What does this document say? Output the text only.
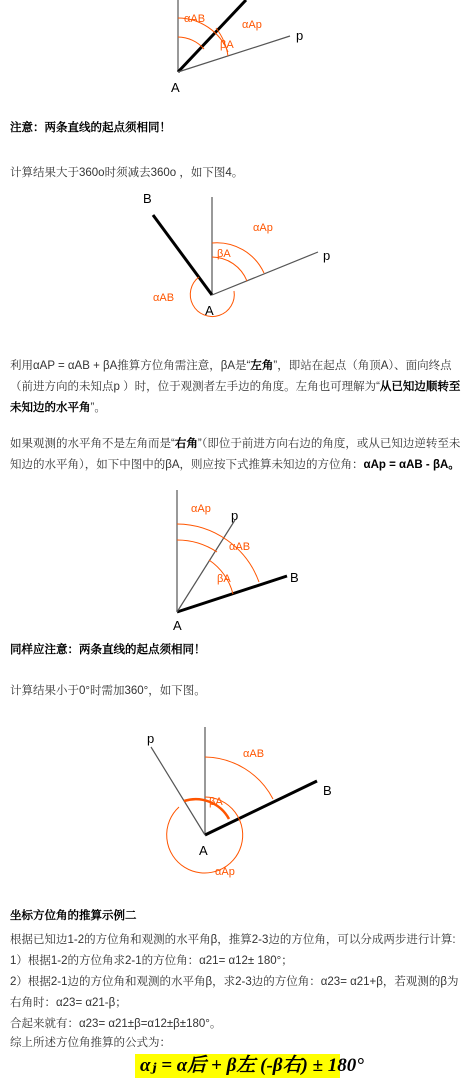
A
p
αAB	αAp
βA

注意：两条直线的起点须相同！

计算结果大于360o时须减去360o ，如下图4。

B
A
p
αAB
αAp
βA

利用αAP = αAB + βA推算方位角需注意，βA是“左角”，即站在起点（角顶A）、面向终点（前进方向的未知点p ）时，位于观测者左手边的角度。左角也可理解为“从已知边顺转至未知边的水平角”。

如果观测的水平角不是左角而是“右角”（即位于前进方向右边的角度，或从已知边逆转至未知边的水平角），如下中图中的βA，则应按下式推算未知边的方位角：αAp = αAB - βA。

A
B
p
αAp
αAB
βA

同样应注意：两条直线的起点须相同！

计算结果小于0°时需加360°，如下图。

p
A
B
αAB
αAp
βA

坐标方位角的推算示例二

根据已知边1-2的方位角和观测的水平角β，推算2-3边的方位角，可以分成两步进行计算:

1）根据1-2的方位角求2-1的方位角：α21= α12± 180°；

2）根据2-1边的方位角和观测的水平角β，求2-3边的方位角：α23= α21+β，若观测的β为右角时：α23= α21-β；

合起来就有：α23= α21±β=α12±β±180°。

综上所述方位角推算的公式为：

αⱼ = α后 + β左 (-β右) ± 180°
